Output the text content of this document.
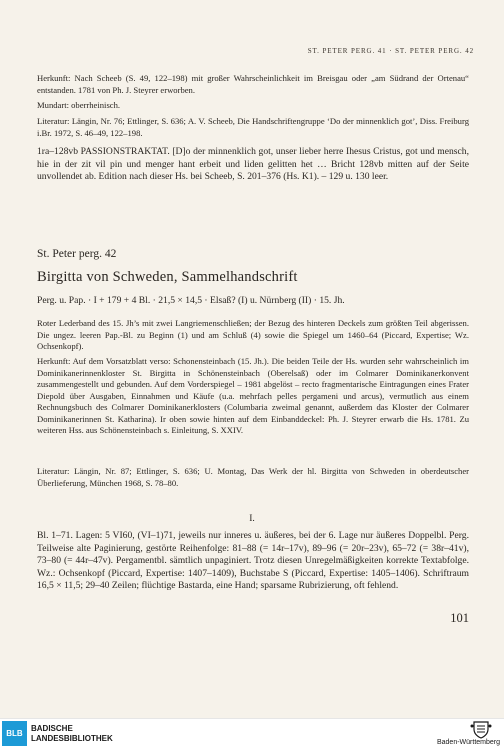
ST. PETER PERG. 41 · ST. PETER PERG. 42

Herkunft: Nach Scheeb (S. 49, 122–198) mit großer Wahrscheinlichkeit im Breisgau oder „am Südrand der Ortenau“ entstanden. 1781 von Ph. J. Steyrer erworben.

Mundart: oberrheinisch.

Literatur: Längin, Nr. 76; Ettlinger, S. 636; A. V. Scheeb, Die Handschriftengruppe ‘Do der minnenklich got’, Diss. Freiburg i.Br. 1972, S. 46–49, 122–198.

1ra–128vb PASSIONSTRAKTAT. [D]o der minnenklich got, unser lieber herre Ihesus Cristus, got und mensch, hie in der zit vil pin und menger hant erbeit und liden gelitten het … Bricht 128vb mitten auf der Seite unvollendet ab. Edition nach dieser Hs. bei Scheeb, S. 201–376 (Hs. K1). – 129 u. 130 leer.

St. Peter perg. 42
Birgitta von Schweden, Sammelhandschrift
Perg. u. Pap. · I + 179 + 4 Bl. · 21,5 × 14,5 · Elsaß? (I) u. Nürnberg (II) · 15. Jh.

Roter Lederband des 15. Jh’s mit zwei Langriemenschließen; der Bezug des hinteren Deckels zum größten Teil abgerissen. Die ungez. leeren Pap.-Bl. zu Beginn (1) und am Schluß (4) sowie die Spiegel um 1460–64 (Piccard, Expertise; Wz. Ochsenkopf).

Herkunft: Auf dem Vorsatzblatt verso: Schonensteinbach (15. Jh.). Die beiden Teile der Hs. wurden sehr wahrscheinlich im Dominikanerinnenkloster St. Birgitta in Schönensteinbach (Oberelsaß) oder im Colmarer Dominikanerkonvent zusammengestellt und gebunden. Auf dem Vorderspiegel – 1981 abgelöst – recto fragmentarische Eintragungen eines Frater Diepold über Ausgaben, Einnahmen und Käufe (u.a. mehrfach pelles pergameni und arcus), vermutlich aus einem Rechnungsbuch des Colmarer Dominikanerklosters (Columbaria zweimal genannt, außerdem das Kloster der Colmarer Dominikanerinnen St. Katharina). Ir oben sowie hinten auf dem Einbanddeckel: Ph. J. Steyrer erwarb die Hs. 1781. Zu weiteren Hss. aus Schönensteinbach s. Einleitung, S. XXIV.

Literatur: Längin, Nr. 87; Ettlinger, S. 636; U. Montag, Das Werk der hl. Birgitta von Schweden in oberdeutscher Überlieferung, München 1968, S. 78–80.

I.

Bl. 1–71. Lagen: 5 VI60, (VI–1)71, jeweils nur inneres u. äußeres, bei der 6. Lage nur äußeres Doppelbl. Perg. Teilweise alte Paginierung, gestörte Reihenfolge: 81–88 (= 14r–17v), 89–96 (= 20r–23v), 65–72 (= 38r–41v), 73–80 (= 44r–47v). Pergamentbl. sämtlich unpaginiert. Trotz diesen Unregelmäßigkeiten korrekte Textabfolge. Wz.: Ochsenkopf (Piccard, Expertise: 1407–1409), Buchstabe S (Piccard, Expertise: 1405–1406). Schriftraum 16,5 × 11,5; 29–40 Zeilen; flüchtige Bastarda, eine Hand; sparsame Rubrizierung, oft fehlend.

101
BLB
BADISCHE
LANDESBIBLIOTHEK	Baden-Württemberg
